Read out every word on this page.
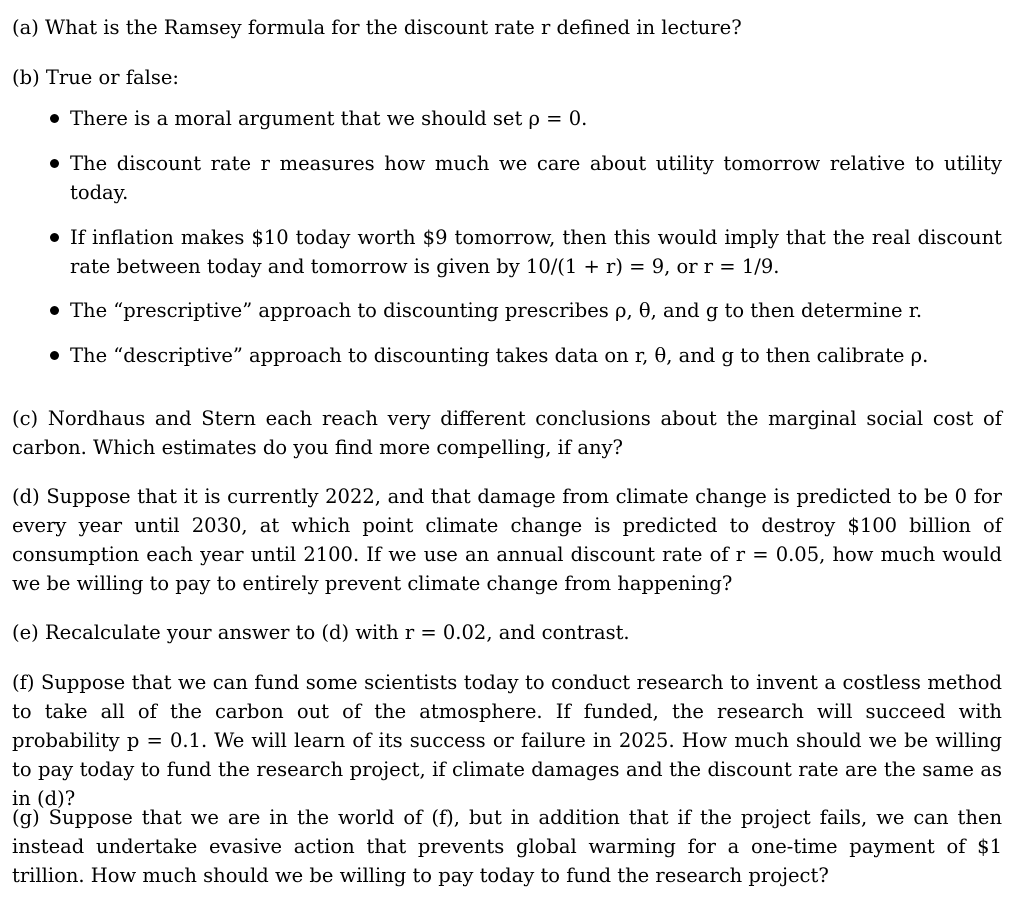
(a) What is the Ramsey formula for the discount rate r defined in lecture?

(b) True or false:

There is a moral argument that we should set ρ = 0.
The discount rate r measures how much we care about utility tomorrow relative to utility today.
If inflation makes $10 today worth $9 tomorrow, then this would imply that the real discount rate between today and tomorrow is given by 10/(1 + r) = 9, or r = 1/9.
The “prescriptive” approach to discounting prescribes ρ, θ, and g to then determine r.
The “descriptive” approach to discounting takes data on r, θ, and g to then calibrate ρ.

(c) Nordhaus and Stern each reach very different conclusions about the marginal social cost of carbon. Which estimates do you find more compelling, if any?

(d) Suppose that it is currently 2022, and that damage from climate change is predicted to be 0 for every year until 2030, at which point climate change is predicted to destroy $100 billion of consumption each year until 2100. If we use an annual discount rate of r = 0.05, how much would we be willing to pay to entirely prevent climate change from happening?

(e) Recalculate your answer to (d) with r = 0.02, and contrast.

(f) Suppose that we can fund some scientists today to conduct research to invent a costless method to take all of the carbon out of the atmosphere. If funded, the research will succeed with probability p = 0.1. We will learn of its success or failure in 2025. How much should we be willing to pay today to fund the research project, if climate damages and the discount rate are the same as in (d)?

(g) Suppose that we are in the world of (f), but in addition that if the project fails, we can then instead undertake evasive action that prevents global warming for a one-time payment of $1 trillion. How much should we be willing to pay today to fund the research project?
